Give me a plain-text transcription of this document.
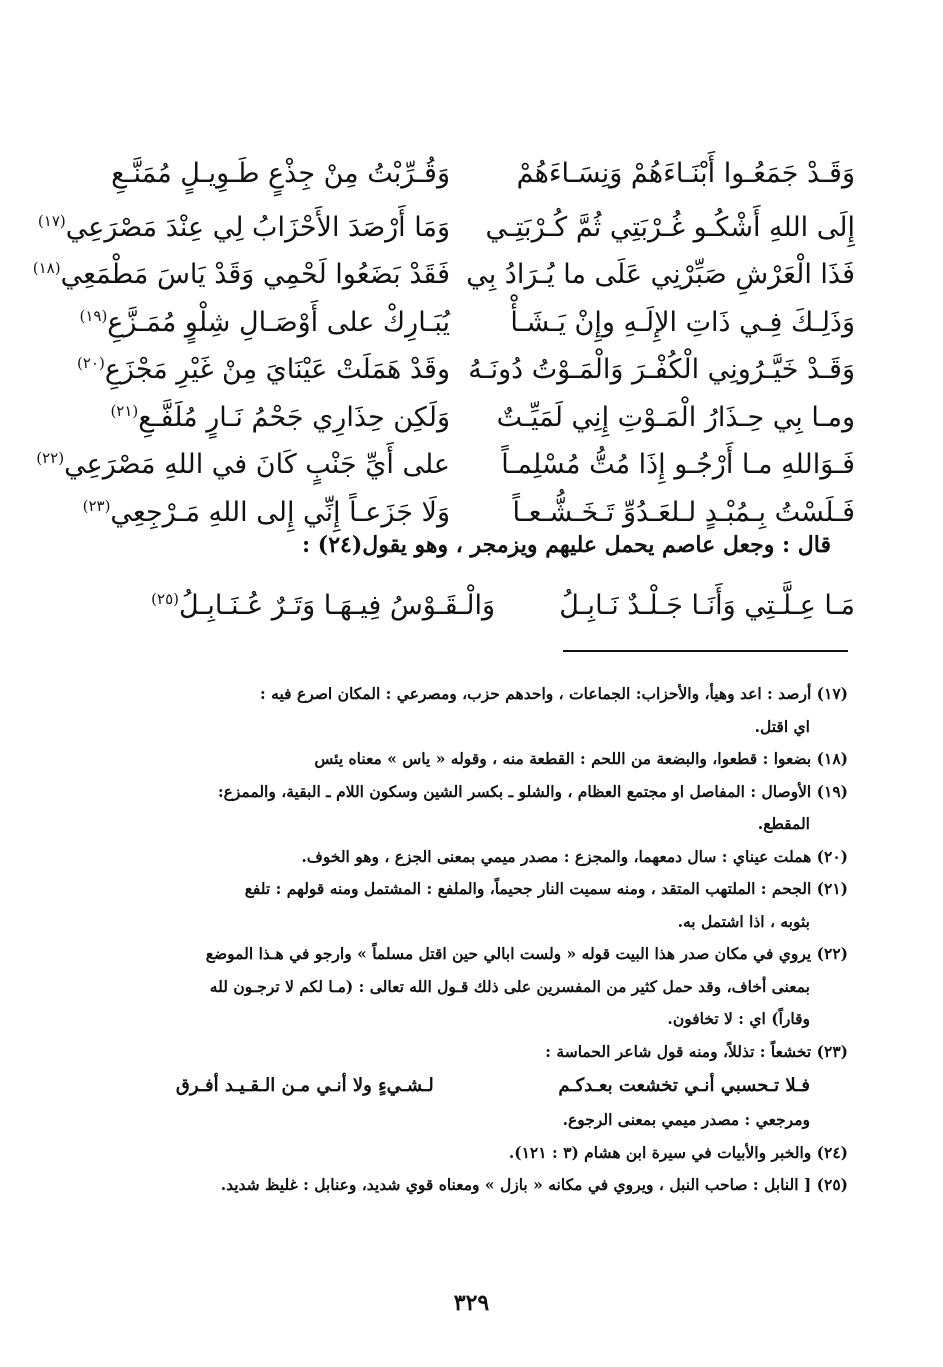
وَقَـدْ جَمَعُـوا أَبْنَـاءَهُمْ وَنِسَـاءَهُمْ
وَقُـرِّبْتُ مِنْ جِذْعٍ طَـوِيـلٍ مُمَنَّـعِ
إِلَى اللهِ أَشْكُـو غُـرْبَتِي ثُمَّ كُـرْبَتِـي
وَمَا أَرْصَدَ الأَحْزَابُ لِي عِنْدَ مَصْرَعِي$^{(١٧)}$
فَذَا الْعَرْشِ صَبِّرْنِي عَلَى ما يُـرَادُ بِي
فَقَدْ بَضَعُوا لَحْمِي وَقَدْ يَاسَ مَطْمَعِي$^{(١٨)}$
وَذَلِـكَ فِـي ذَاتِ الإِلَـهِ وإِنْ يَـشَـأْ
يُبَـارِكْ على أَوْصَـالِ شِلْوٍ مُمَـزَّعِ$^{(١٩)}$
وَقَـدْ خَيَّـرُونِي الْكُفْـرَ وَالْمَـوْتُ دُونَـهُ
وقَدْ هَمَلَتْ عَيْنَايَ مِنْ غَيْرِ مَجْزَعِ$^{(٢٠)}$
ومـا بِي حِـذَارُ الْمَـوْتِ إِنِي لَمَيِّـتٌ
وَلَكِن حِذَارِي جَحْمُ نَـارٍ مُلَفَّـعِ$^{(٢١)}$
فَـوَاللهِ مـا أَرْجُـو إِذَا مُتُّ مُسْلِمـاً
على أَيِّ جَنْبٍ كَانَ في اللهِ مَصْرَعِي$^{(٢٢)}$
فَـلَسْتُ بِـمُبْـدٍ لـلعَـدُوِّ تَـخَـشُّـعـاً
وَلَا جَزَعـاً إِنِّي إِلى اللهِ مَـرْجِعِي$^{(٢٣)}$
قال : وجعل عاصم يحمل عليهم ويزمجر ، وهو يقول(٢٤) :
مَـا عِـلَّـتِي وَأَنَـا جَـلْـدٌ نَـابِـلُ
وَالْـقَـوْسُ فِيـهَـا وَتَـرٌ عُـنَـابِـلُ$^{(٢٥)}$
(١٧) أرصد : اعد وهيأ، والأحزاب: الجماعات ، واحدهم حزب، ومصرعي : المكان اصرع فيه :
اي اقتل.
(١٨) بضعوا : قطعوا، والبضعة من اللحم : القطعة منه ، وقوله « ياس » معناه يئس
(١٩) الأوصال : المفاصل او مجتمع العظام ، والشلو ـ بكسر الشين وسكون اللام ـ البقية، والممزع:
المقطع.
(٢٠) هملت عيناي : سال دمعهما، والمجزع : مصدر ميمي بمعنى الجزع ، وهو الخوف.
(٢١) الجحم : الملتهب المتقد ، ومنه سميت النار جحيماً، والملفع : المشتمل ومنه قولهم : تلفع
بثوبه ، اذا اشتمل به.
(٢٢) يروي في مكان صدر هذا البيت قوله « ولست ابالي حين اقتل مسلماً » وارجو في هـذا الموضع
بمعنى أخاف، وقد حمل كثير من المفسرين على ذلك قـول الله تعالى : (مـا لكم لا ترجـون لله
وقاراً) اي : لا تخافون.
(٢٣) تخشعاً : تذللاً، ومنه قول شاعر الحماسة :
فـلا تـحسبي أنـي تخشعت بعـدكـم
لـشـيءٍ ولا أنـي مـن الـقـيـد أفـرق
ومرجعي : مصدر ميمي بمعنى الرجوع.
(٢٤) والخبر والأبيات في سيرة ابن هشام (٣ : ١٢١).
(٢٥) [ النابل : صاحب النبل ، ويروي في مكانه « بازل » ومعناه قوي شديد، وعنابل : غليظ شديد.
٣٢٩
